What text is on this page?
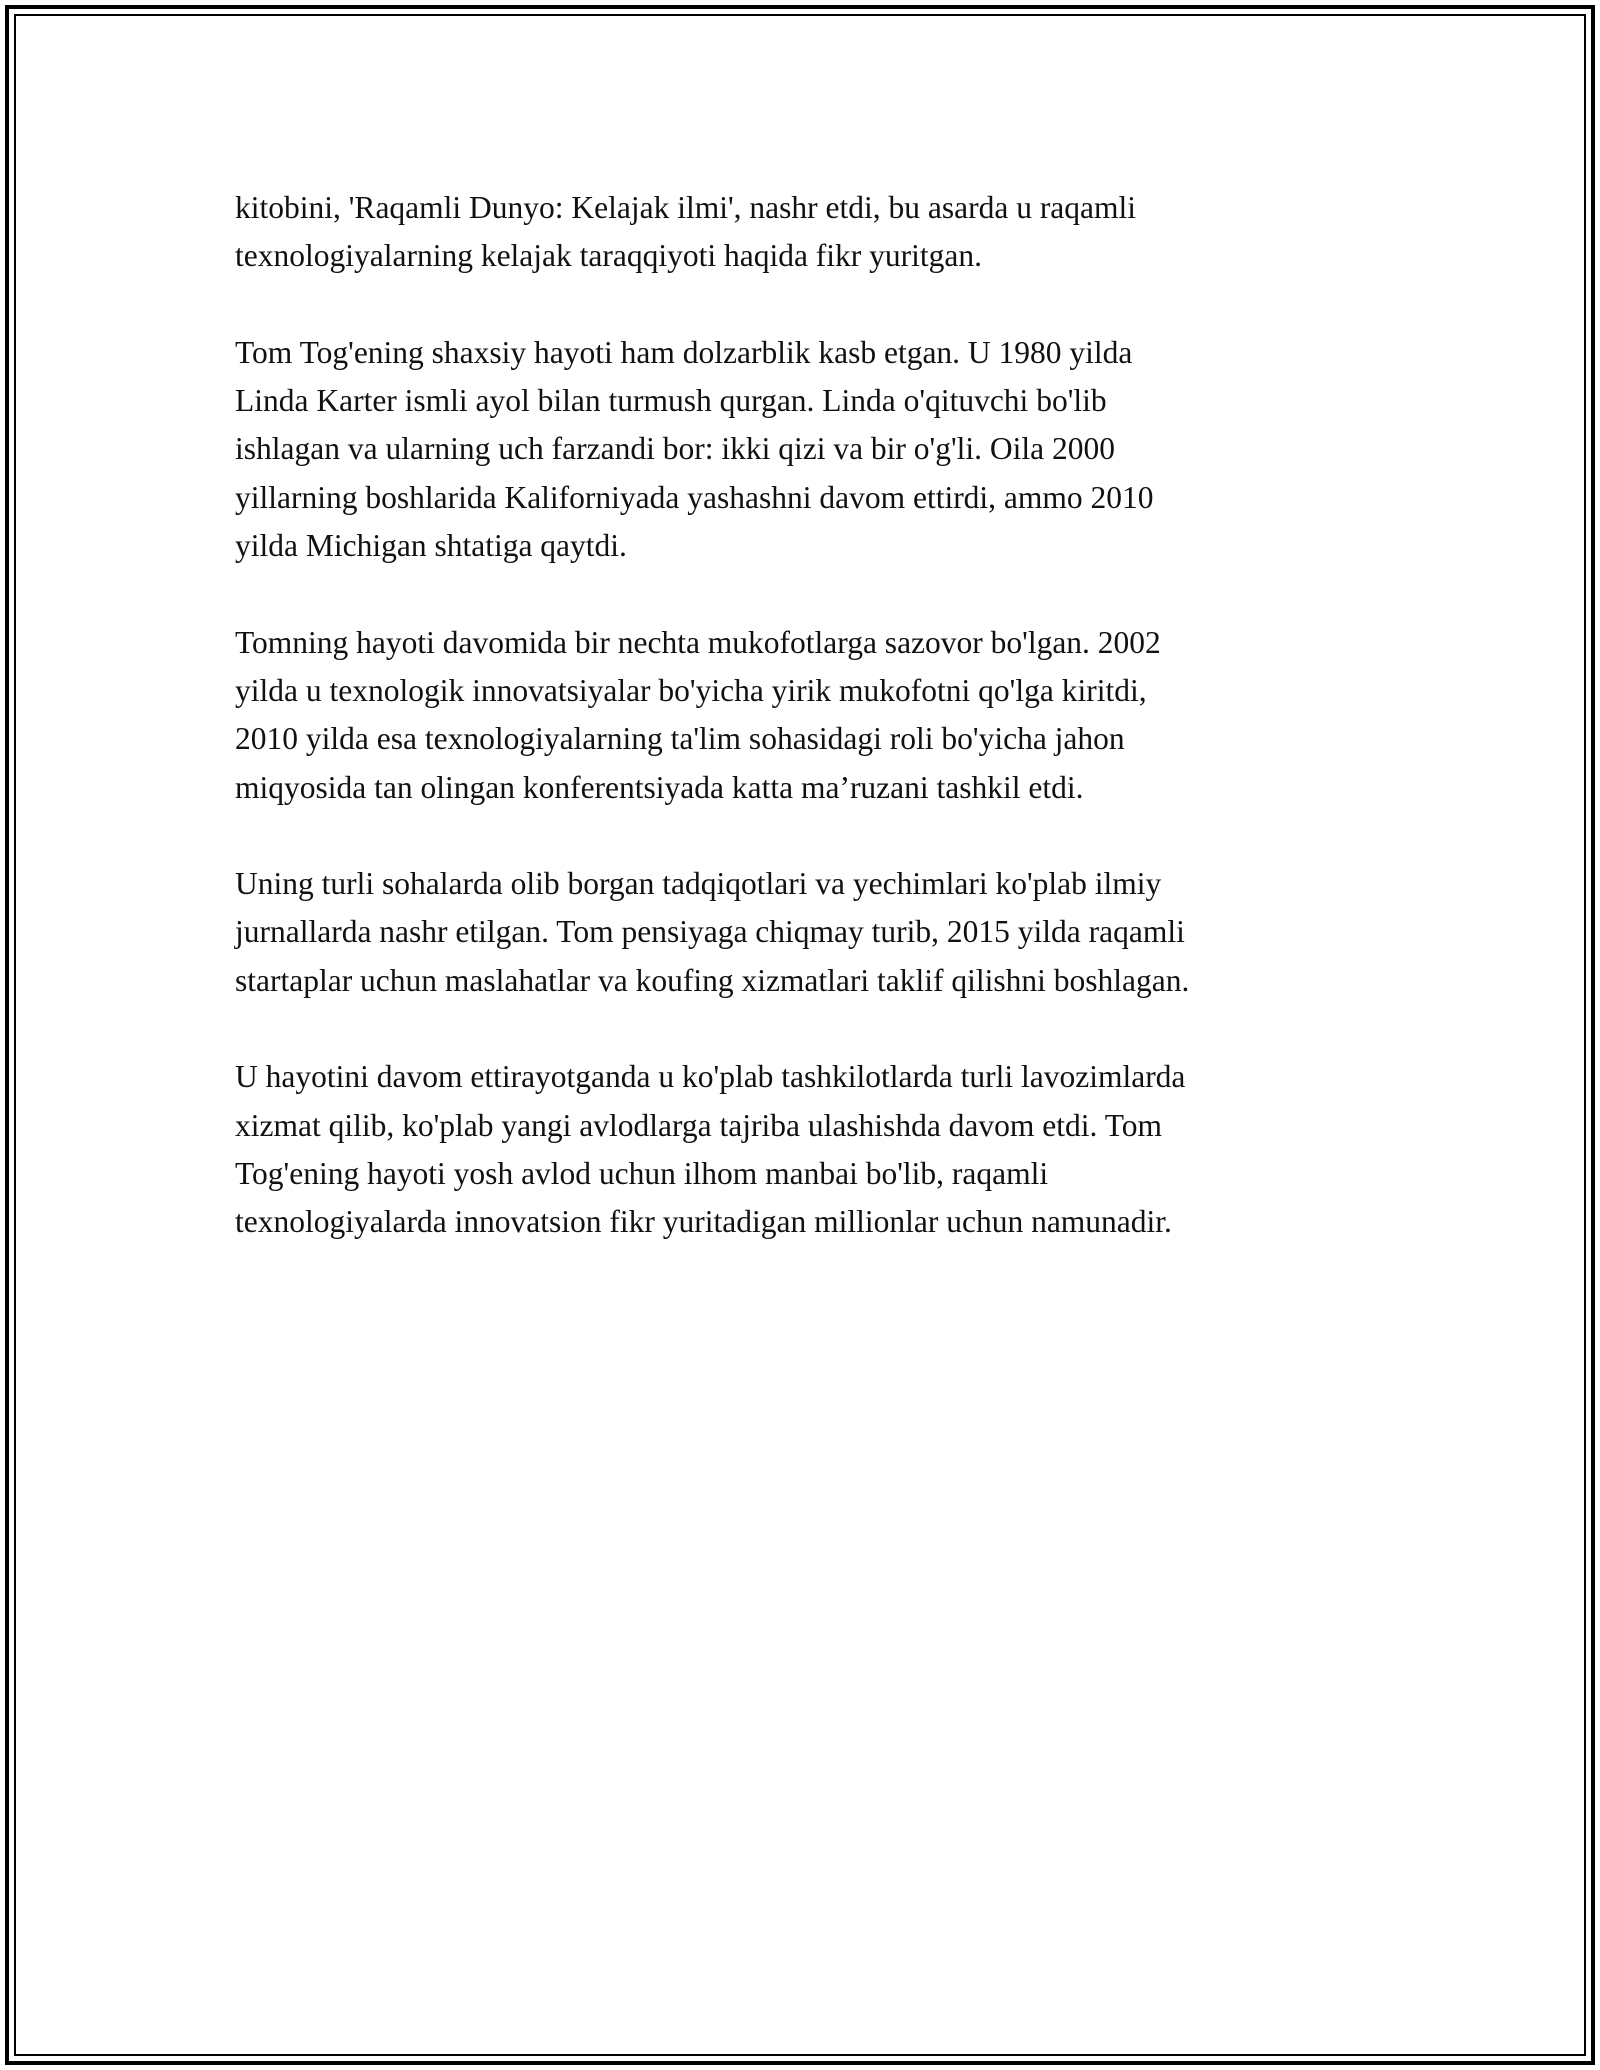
kitobini, 'Raqamli Dunyo: Kelajak ilmi', nashr etdi, bu asarda u raqamli
texnologiyalarning kelajak taraqqiyoti haqida fikr yuritgan.

Tom Tog'ening shaxsiy hayoti ham dolzarblik kasb etgan. U 1980 yilda
Linda Karter ismli ayol bilan turmush qurgan. Linda o'qituvchi bo'lib
ishlagan va ularning uch farzandi bor: ikki qizi va bir o'g'li. Oila 2000
yillarning boshlarida Kaliforniyada yashashni davom ettirdi, ammo 2010
yilda Michigan shtatiga qaytdi.

Tomning hayoti davomida bir nechta mukofotlarga sazovor bo'lgan. 2002
yilda u texnologik innovatsiyalar bo'yicha yirik mukofotni qo'lga kiritdi,
2010 yilda esa texnologiyalarning ta'lim sohasidagi roli bo'yicha jahon
miqyosida tan olingan konferentsiyada katta ma’ruzani tashkil etdi.

Uning turli sohalarda olib borgan tadqiqotlari va yechimlari ko'plab ilmiy
jurnallarda nashr etilgan. Tom pensiyaga chiqmay turib, 2015 yilda raqamli
startaplar uchun maslahatlar va koufing xizmatlari taklif qilishni boshlagan.

U hayotini davom ettirayotganda u ko'plab tashkilotlarda turli lavozimlarda
xizmat qilib, ko'plab yangi avlodlarga tajriba ulashishda davom etdi. Tom
Tog'ening hayoti yosh avlod uchun ilhom manbai bo'lib, raqamli
texnologiyalarda innovatsion fikr yuritadigan millionlar uchun namunadir.
